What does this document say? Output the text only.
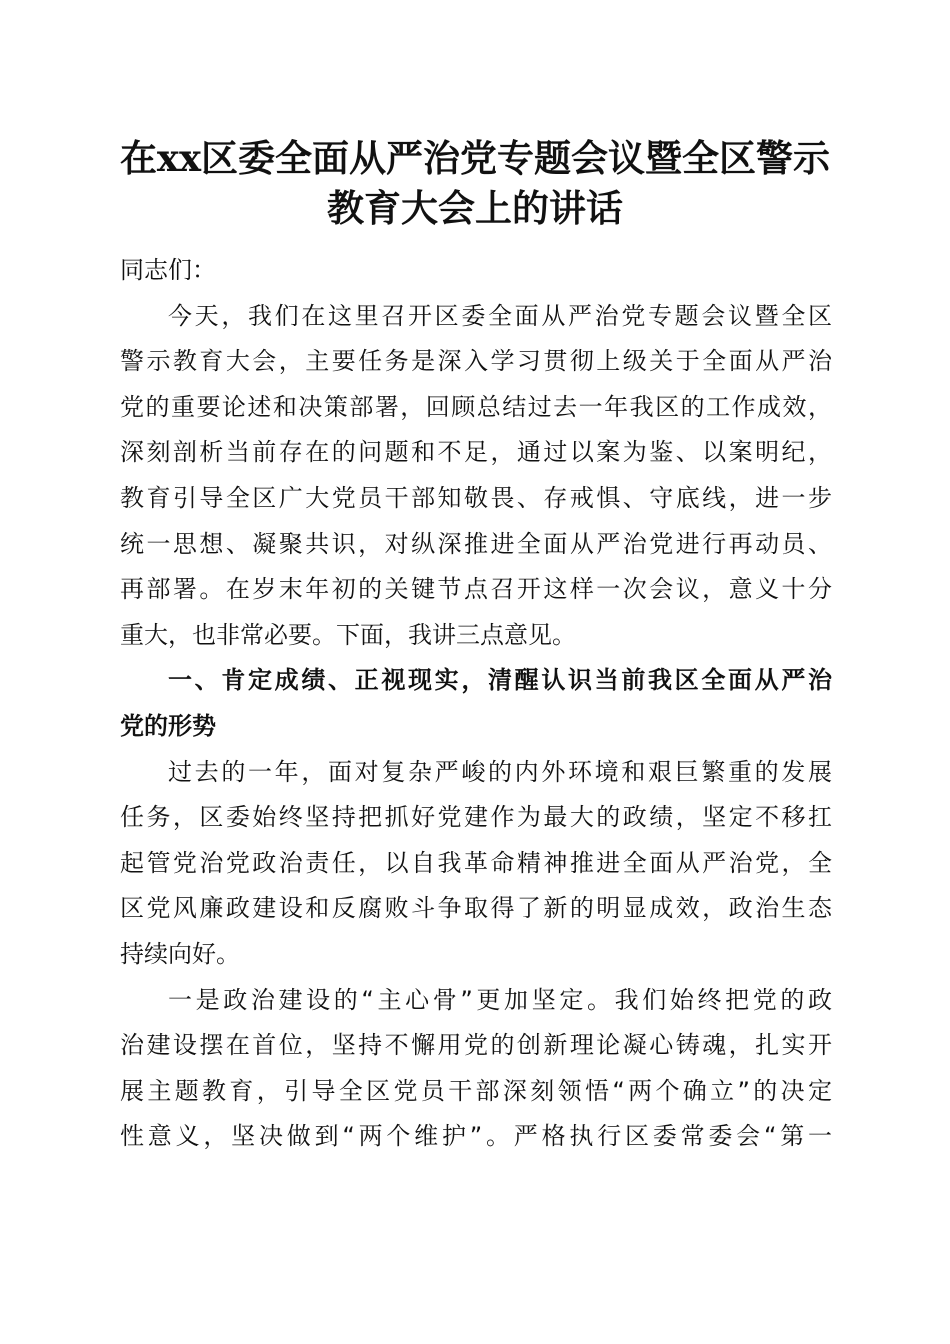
在xx区委全面从严治党专题会议暨全区警示
教育大会上的讲话
同志们：
今天，我们在这里召开区委全面从严治党专题会议暨全区
警示教育大会，主要任务是深入学习贯彻上级关于全面从严治
党的重要论述和决策部署，回顾总结过去一年我区的工作成效，
深刻剖析当前存在的问题和不足，通过以案为鉴、以案明纪，
教育引导全区广大党员干部知敬畏、存戒惧、守底线，进一步
统一思想、凝聚共识，对纵深推进全面从严治党进行再动员、
再部署。在岁末年初的关键节点召开这样一次会议，意义十分
重大，也非常必要。下面，我讲三点意见。
一、肯定成绩、正视现实，清醒认识当前我区全面从严治
党的形势
过去的一年，面对复杂严峻的内外环境和艰巨繁重的发展
任务，区委始终坚持把抓好党建作为最大的政绩，坚定不移扛
起管党治党政治责任，以自我革命精神推进全面从严治党，全
区党风廉政建设和反腐败斗争取得了新的明显成效，政治生态
持续向好。
一是政治建设的“主心骨”更加坚定。我们始终把党的政
治建设摆在首位，坚持不懈用党的创新理论凝心铸魂，扎实开
展主题教育，引导全区党员干部深刻领悟“两个确立”的决定
性意义，坚决做到“两个维护”。严格执行区委常委会“第一
